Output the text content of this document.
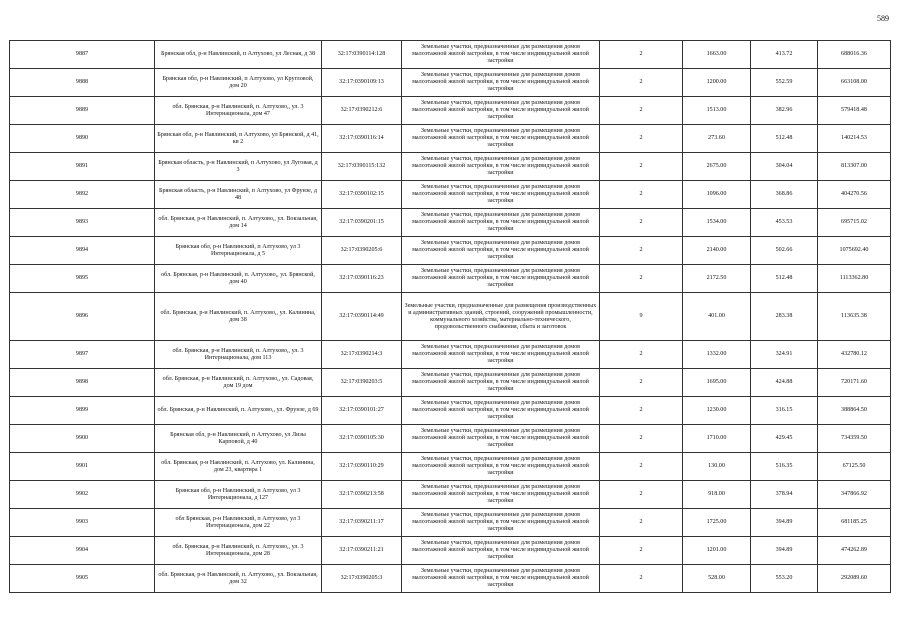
589
9887	Брянская обл, р-н Навлинский, п Алтухово, ул Лесная, д 38	32:17:0390114:128	Земельные участки, предназначенные для размещения домов малоэтажной жилой застройки, в том числе индивидуальной жилой застройки	2	1663.00	413.72	688016.36
9888	Брянская обл, р-н Навлинский, п Алтухово, ул Кругловой, дом 20	32:17:0390109:13	Земельные участки, предназначенные для размещения домов малоэтажной жилой застройки, в том числе индивидуальной жилой застройки	2	1200.00	552.59	663108.00
9889	обл. Брянская, р-н Навлинский, п. Алтухово,, ул. 3 Интернационала, дом 47	32:17:0390212:6	Земельные участки, предназначенные для размещения домов малоэтажной жилой застройки, в том числе индивидуальной жилой застройки	2	1513.00	382.96	579418.48
9890	Брянская обл, р-н Навлинский, п Алтухово, ул Брянской, д 41, кв 2	32:17:0390116:14	Земельные участки, предназначенные для размещения домов малоэтажной жилой застройки, в том числе индивидуальной жилой застройки	2	273.60	512.48	140214.53
9891	Брянская область, р-н Навлинский, п Алтухово, ул Луговая, д 3	32:17:0390115:132	Земельные участки, предназначенные для размещения домов малоэтажной жилой застройки, в том числе индивидуальной жилой застройки	2	2675.00	304.04	813307.00
9892	Брянская область, р-н Навлинский, п Алтухово, ул Фрунзе, д 48	32:17:0390102:15	Земельные участки, предназначенные для размещения домов малоэтажной жилой застройки, в том числе индивидуальной жилой застройки	2	1096.00	368.86	404270.56
9893	обл. Брянская, р-н Навлинский, п. Алтухово,, ул. Вокзальная, дом 14	32:17:0390201:15	Земельные участки, предназначенные для размещения домов малоэтажной жилой застройки, в том числе индивидуальной жилой застройки	2	1534.00	453.53	695715.02
9894	Брянская обл, р-н Навлинский, п Алтухово, ул 3 Интернационала, д 5	32:17:0390205:6	Земельные участки, предназначенные для размещения домов малоэтажной жилой застройки, в том числе индивидуальной жилой застройки	2	2140.00	502.66	1075692.40
9895	обл. Брянская, р-н Навлинский, п. Алтухово,, ул. Брянской, дом 40	32:17:0390116:23	Земельные участки, предназначенные для размещения домов малоэтажной жилой застройки, в том числе индивидуальной жилой застройки	2	2172.50	512.48	1113362.80
9896	обл. Брянская, р-н Навлинский, п. Алтухово,, ул. Калинина, дом 38	32:17:0390114:49	Земельные участки, предназначенные для размещения производственных и административных зданий, строений, сооружений промышленности, коммунального хозяйства, материально-технического, продовольственного снабжения, сбыта и заготовок	9	401.00	283.38	113635.38
9897	обл. Брянская, р-н Навлинский, п. Алтухово,, ул. 3 Интернационала, дом 113	32:17:0390214:3	Земельные участки, предназначенные для размещения домов малоэтажной жилой застройки, в том числе индивидуальной жилой застройки	2	1332.00	324.91	432780.12
9898	обл. Брянская, р-н Навлинский, п. Алтухово,, ул. Садовая, дом 19 дом	32:17:0390203:5	Земельные участки, предназначенные для размещения домов малоэтажной жилой застройки, в том числе индивидуальной жилой застройки	2	1695.00	424.88	720171.60
9899	обл. Брянская, р-н Навлинский, п. Алтухово,, ул. Фрунзе, д 69	32:17:0390101:27	Земельные участки, предназначенные для размещения домов малоэтажной жилой застройки, в том числе индивидуальной жилой застройки	2	1230.00	316.15	388864.50
9900	Брянская обл, р-н Навлинский, п Алтухово, ул Лизы Карповой, д 40	32:17:0390105:30	Земельные участки, предназначенные для размещения домов малоэтажной жилой застройки, в том числе индивидуальной жилой застройки	2	1710.00	429.45	734359.50
9901	обл. Брянская, р-н Навлинский, п. Алтухово, ул. Калинина, дом 23, квартира 1	32:17:0390110:29	Земельные участки, предназначенные для размещения домов малоэтажной жилой застройки, в том числе индивидуальной жилой застройки	2	130.00	516.35	67125.50
9902	Брянская обл, р-н Навлинский, п Алтухово, ул 3 Интернационала, д 127	32:17:0390213:58	Земельные участки, предназначенные для размещения домов малоэтажной жилой застройки, в том числе индивидуальной жилой застройки	2	918.00	378.94	347866.92
9903	обл Брянская, р-н Навлинский, п Алтухово, ул 3 Интернационала, дом 22	32:17:0390211:17	Земельные участки, предназначенные для размещения домов малоэтажной жилой застройки, в том числе индивидуальной жилой застройки	2	1725.00	394.89	681185.25
9904	обл. Брянская, р-н Навлинский, п. Алтухово,, ул. 3 Интернационала, дом 28	32:17:0390211:21	Земельные участки, предназначенные для размещения домов малоэтажной жилой застройки, в том числе индивидуальной жилой застройки	2	1201.00	394.89	474262.89
9905	обл. Брянская, р-н Навлинский, п. Алтухово,, ул. Вокзальная, дом 32	32:17:0390205:3	Земельные участки, предназначенные для размещения домов малоэтажной жилой застройки, в том числе индивидуальной жилой застройки	2	528.00	553.20	292089.60
